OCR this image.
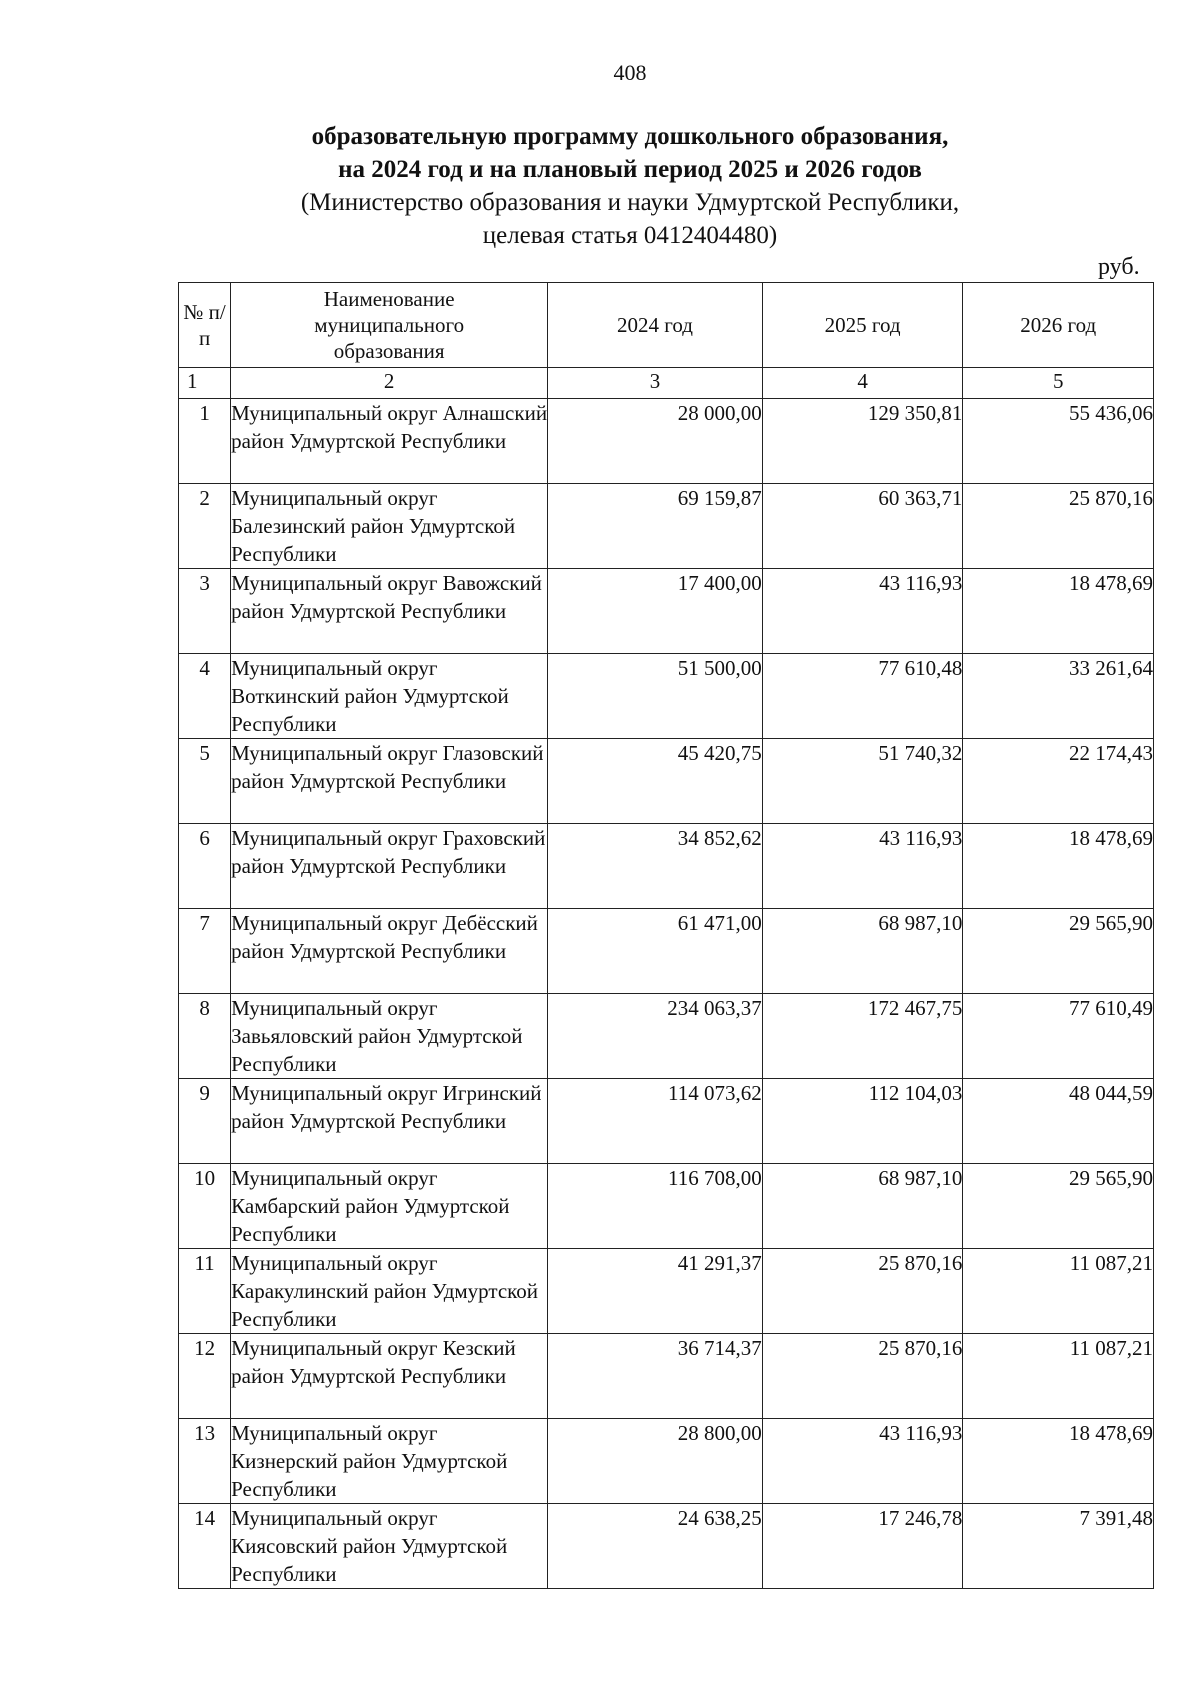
408
образовательную программу дошкольного образования,
на 2024 год и на плановый период 2025 и 2026 годов
(Министерство образования и науки Удмуртской Республики,
целевая статья 0412404480)
руб.
№ п/п	Наименование муниципального образования	2024 год	2025 год	2026 год
1	2	3	4	5
1	Муниципальный округ Алнашский район Удмуртской Республики	28 000,00	129 350,81	55 436,06
2	Муниципальный округ Балезинский район Удмуртской Республики	69 159,87	60 363,71	25 870,16
3	Муниципальный округ Вавожский район Удмуртской Республики	17 400,00	43 116,93	18 478,69
4	Муниципальный округ Воткинский район Удмуртской Республики	51 500,00	77 610,48	33 261,64
5	Муниципальный округ Глазовский район Удмуртской Республики	45 420,75	51 740,32	22 174,43
6	Муниципальный округ Граховский район Удмуртской Республики	34 852,62	43 116,93	18 478,69
7	Муниципальный округ Дебёсский район Удмуртской Республики	61 471,00	68 987,10	29 565,90
8	Муниципальный округ Завьяловский район Удмуртской Республики	234 063,37	172 467,75	77 610,49
9	Муниципальный округ Игринский район Удмуртской Республики	114 073,62	112 104,03	48 044,59
10	Муниципальный округ Камбарский район Удмуртской Республики	116 708,00	68 987,10	29 565,90
11	Муниципальный округ Каракулинский район Удмуртской Республики	41 291,37	25 870,16	11 087,21
12	Муниципальный округ Кезский район Удмуртской Республики	36 714,37	25 870,16	11 087,21
13	Муниципальный округ Кизнерский район Удмуртской Республики	28 800,00	43 116,93	18 478,69
14	Муниципальный округ Киясовский район Удмуртской Республики	24 638,25	17 246,78	7 391,48
